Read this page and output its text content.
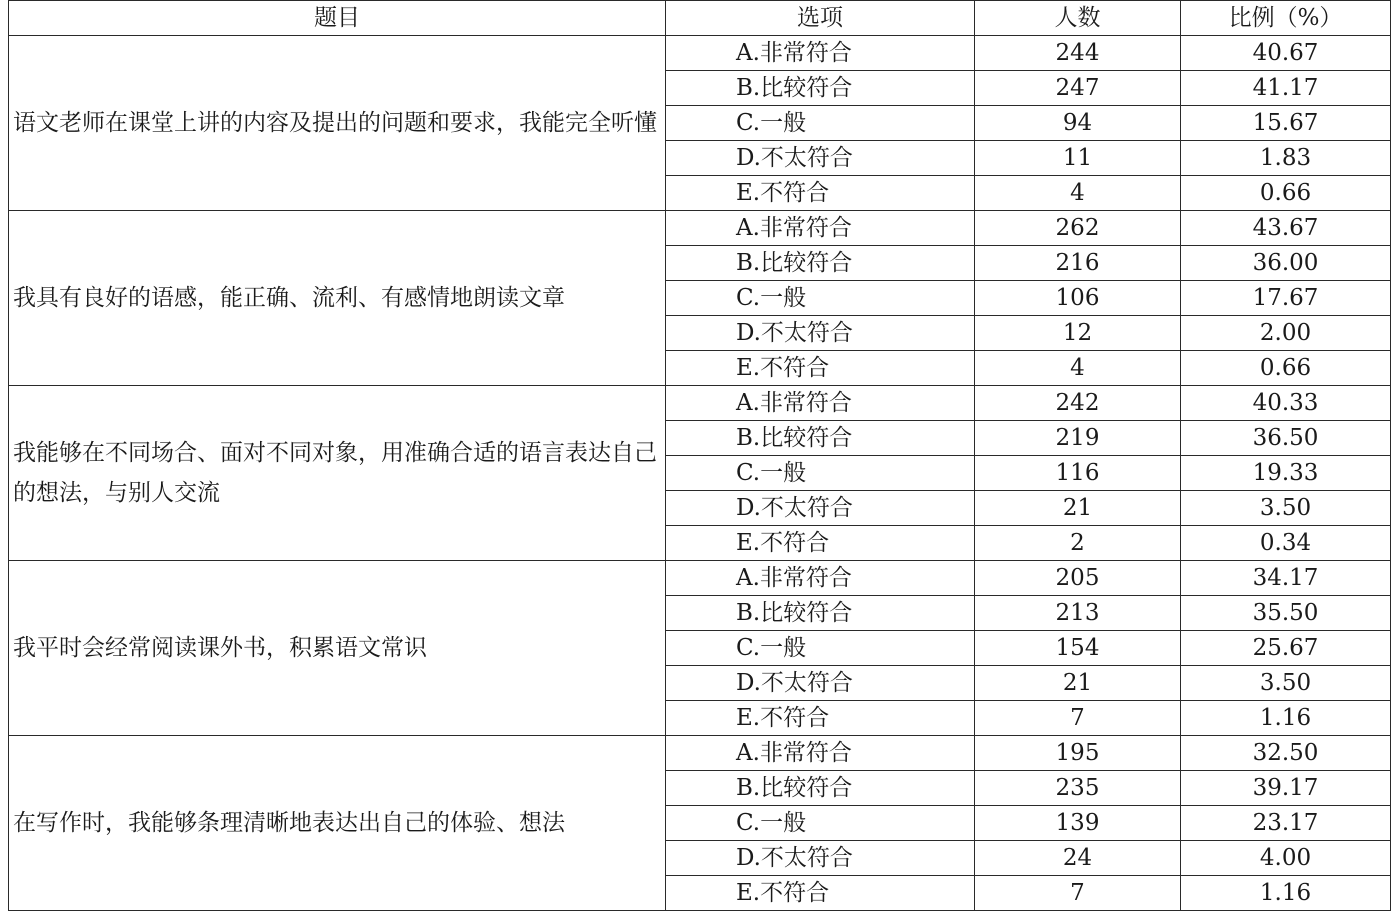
题目	选项	人数	比例（%）
语文老师在课堂上讲的内容及提出的问题和要求，我能完全听懂	A.非常符合	244	40.67
	B.比较符合	247	41.17
	C.一般	94	15.67
	D.不太符合	11	1.83
	E.不符合	4	0.66
我具有良好的语感，能正确、流利、有感情地朗读文章	A.非常符合	262	43.67
	B.比较符合	216	36.00
	C.一般	106	17.67
	D.不太符合	12	2.00
	E.不符合	4	0.66
我能够在不同场合、面对不同对象，用准确合适的语言表达自己的想法，与别人交流	A.非常符合	242	40.33
	B.比较符合	219	36.50
	C.一般	116	19.33
	D.不太符合	21	3.50
	E.不符合	2	0.34
我平时会经常阅读课外书，积累语文常识	A.非常符合	205	34.17
	B.比较符合	213	35.50
	C.一般	154	25.67
	D.不太符合	21	3.50
	E.不符合	7	1.16
在写作时，我能够条理清晰地表达出自己的体验、想法	A.非常符合	195	32.50
	B.比较符合	235	39.17
	C.一般	139	23.17
	D.不太符合	24	4.00
	E.不符合	7	1.16
